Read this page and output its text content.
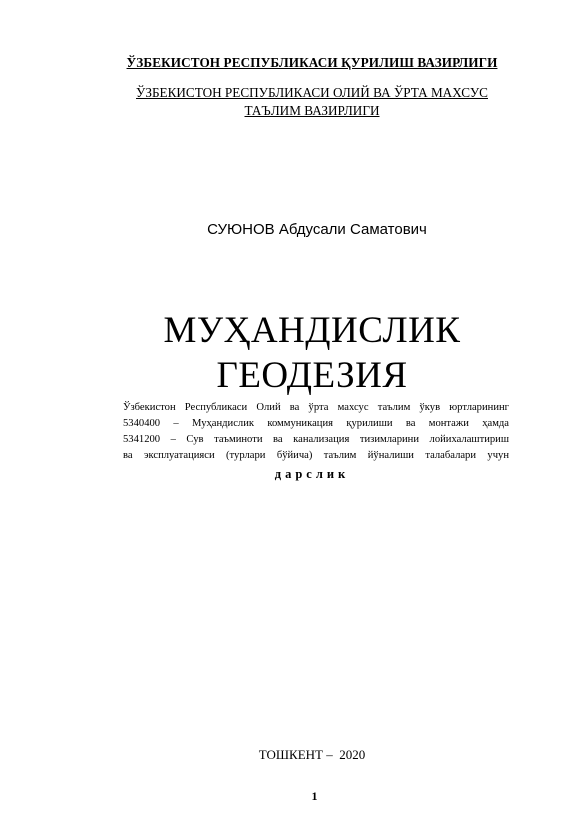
ЎЗБЕКИСТОН РЕСПУБЛИКАСИ ҚУРИЛИШ ВАЗИРЛИГИ
ЎЗБЕКИСТОН РЕСПУБЛИКАСИ ОЛИЙ ВА ЎРТА МАХСУС
ТАЪЛИМ ВАЗИРЛИГИ
СУЮНОВ Абдусали Саматович
МУҲАНДИСЛИК
ГЕОДЕЗИЯ
Ўзбекистон Республикаси Олий ва ўрта махсус таълим ўкув юртларининг
5340400 – Муҳандислик коммуникация қурилиши ва монтажи ҳамда
5341200 – Сув таъминоти ва канализация тизимларини лойихалаштириш
ва эксплуатацияси (турлари бўйича) таълим йўналиши талабалари учун
дарслик
ТОШКЕНТ –  2020
1
